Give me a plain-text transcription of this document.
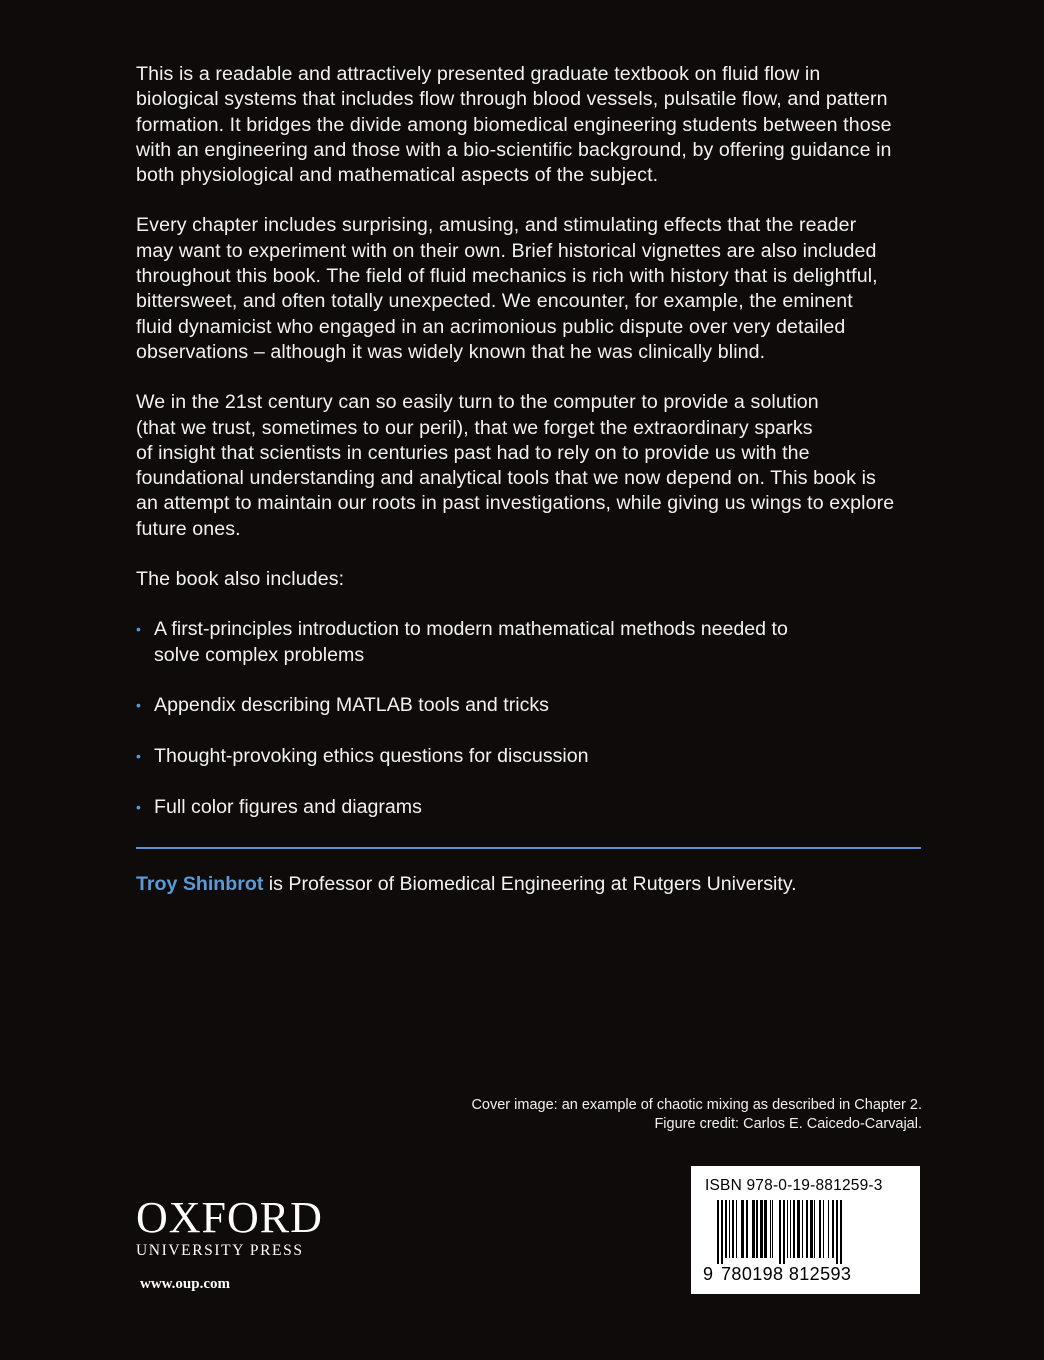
This is a readable and attractively presented graduate textbook on fluid flow in
biological systems that includes flow through blood vessels, pulsatile flow, and pattern
formation. It bridges the divide among biomedical engineering students between those
with an engineering and those with a bio-scientific background, by offering guidance in
both physiological and mathematical aspects of the subject.

Every chapter includes surprising, amusing, and stimulating effects that the reader
may want to experiment with on their own. Brief historical vignettes are also included
throughout this book. The field of fluid mechanics is rich with history that is delightful,
bittersweet, and often totally unexpected. We encounter, for example, the eminent
fluid dynamicist who engaged in an acrimonious public dispute over very detailed
observations – although it was widely known that he was clinically blind.

We in the 21st century can so easily turn to the computer to provide a solution
(that we trust, sometimes to our peril), that we forget the extraordinary sparks
of insight that scientists in centuries past had to rely on to provide us with the
foundational understanding and analytical tools that we now depend on. This book is
an attempt to maintain our roots in past investigations, while giving us wings to explore
future ones.

The book also includes:

• A first-principles introduction to modern mathematical methods needed to
solve complex problems
• Appendix describing MATLAB tools and tricks
• Thought-provoking ethics questions for discussion
• Full color figures and diagrams
Troy Shinbrot is Professor of Biomedical Engineering at Rutgers University.
Cover image: an example of chaotic mixing as described in Chapter 2.
Figure credit: Carlos E. Caicedo-Carvajal.
OXFORD
UNIVERSITY PRESS
www.oup.com
ISBN 978-0-19-881259-3
9 780198 812593
